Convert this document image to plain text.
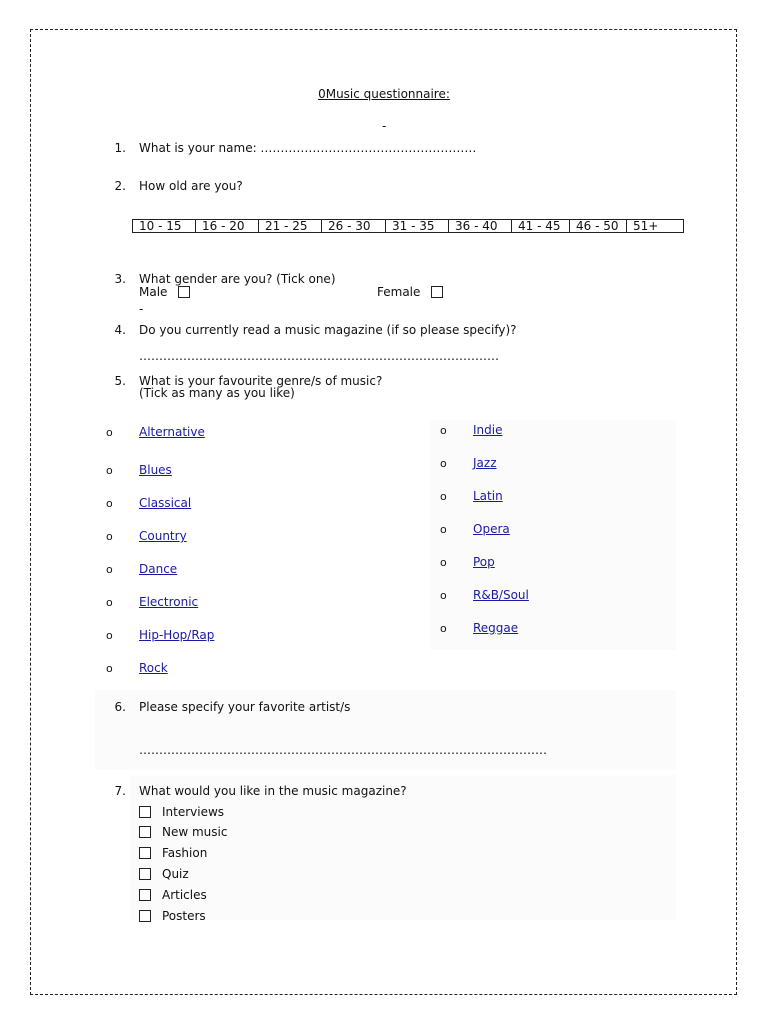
0Music questionnaire:
-
1. What is your name: ………………………………………………
2. How old are you?
10 - 15	16 - 20	21 - 25	26 - 30	31 - 35	36 - 40	41 - 45	46 - 50	51+
3. What gender are you? (Tick one)
Male	Female
-
4. Do you currently read a music magazine (if so please specify)?
………………………………………………………………………………
5. What is your favourite genre/s of music?
(Tick as many as you like)
o Alternative
o Blues
o Classical
o Country
o Dance
o Electronic
o Hip-Hop/Rap
o Rock
o Indie
o Jazz
o Latin
o Opera
o Pop
o R&B/Soul
o Reggae
6. Please specify your favorite artist/s
…………………………………………………………………………………………
7. What would you like in the music magazine?
Interviews
New music
Fashion
Quiz
Articles
Posters
